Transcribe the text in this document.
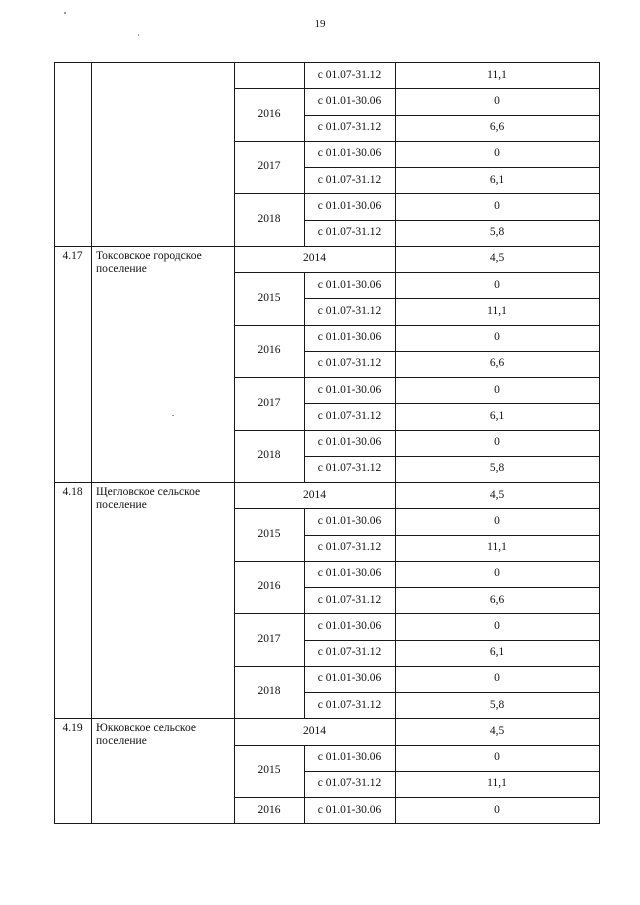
19
с 01.07-31.12	11,1
2016
с 01.01-30.06	0
с 01.07-31.12	6,6
2017
с 01.01-30.06	0
с 01.07-31.12	6,1
2018
с 01.01-30.06	0
с 01.07-31.12	5,8
4.17	Токсовское городское поселение
2014	4,5
2015
с 01.01-30.06	0
с 01.07-31.12	11,1
2016
с 01.01-30.06	0
с 01.07-31.12	6,6
2017
с 01.01-30.06	0
с 01.07-31.12	6,1
2018
с 01.01-30.06	0
с 01.07-31.12	5,8
4.18	Щегловское сельское поселение
2014	4,5
2015
с 01.01-30.06	0
с 01.07-31.12	11,1
2016
с 01.01-30.06	0
с 01.07-31.12	6,6
2017
с 01.01-30.06	0
с 01.07-31.12	6,1
2018
с 01.01-30.06	0
с 01.07-31.12	5,8
4.19	Юкковское сельское поселение
2014	4,5
2015
с 01.01-30.06	0
с 01.07-31.12	11,1
2016	с 01.01-30.06	0
